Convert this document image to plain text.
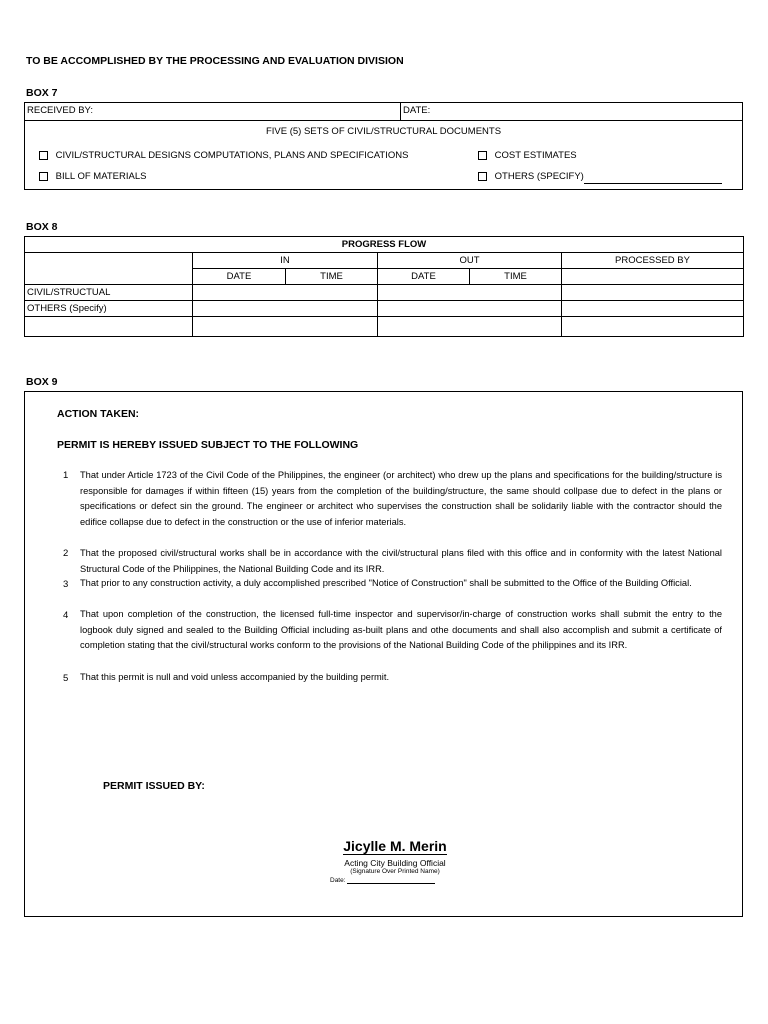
TO BE ACCOMPLISHED BY THE PROCESSING AND EVALUATION DIVISION
BOX 7
RECEIVED BY:	DATE:
FIVE (5) SETS OF CIVIL/STRUCTURAL DOCUMENTS
CIVIL/STRUCTURAL DESIGNS COMPUTATIONS, PLANS AND SPECIFICATIONS	COST ESTIMATES
BILL OF MATERIALS	OTHERS (SPECIFY)
BOX 8
PROGRESS FLOW					
	IN		OUT		PROCESSED BY
	DATE	TIME	DATE	TIME	
CIVIL/STRUCTUAL					
OTHERS (Specify)					

BOX 9
ACTION TAKEN:
PERMIT IS HEREBY ISSUED SUBJECT TO THE FOLLOWING
1 That under Article 1723 of the Civil Code of the Philippines, the engineer (or architect) who drew up the plans and specifications for the building/structure is responsible for damages if within fifteen (15) years from the completion of the building/structure, the same should collpase due to defect in the plans or specifications or defect sin the ground. The engineer or architect who supervises the construction shall be solidarily liable with the contractor should the edifice collapse due to defect in the construction or the use of inferior materials.
2 That the proposed civil/structural works shall be in accordance with the civil/structural plans filed with this office and in conformity with the latest National Structural Code of the Philippines, the National Building Code and its IRR.
3 That prior to any construction activity, a duly accomplished prescribed "Notice of Construction" shall be submitted to the Office of the Building Official.
4 That upon completion of the construction, the licensed full-time inspector and supervisor/in-charge of construction works shall submit the entry to the logbook duly signed and sealed to the Building Official including as-built plans and othe documents and shall also accomplish and submit a certificate of completion stating that the civil/structural works conform to the provisions of the National Building Code of the philippines and its IRR.
5 That this permit is null and void unless accompanied by the building permit.
PERMIT ISSUED BY:
Jicylle M. Merin
Acting City Building Official
(Signature Over Printed Name)
Date:
